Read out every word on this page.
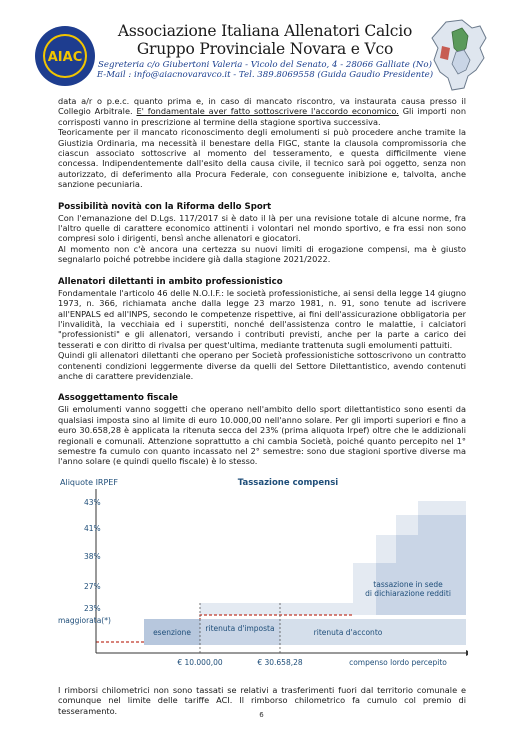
AIAC
Associazione Italiana Allenatori Calcio
Gruppo Provinciale Novara e Vco
Segreteria c/o Giubertoni Valeria - Vicolo del Senato, 4 - 28066 Galliate (No)
E-Mail : info@aiacnovaravco.it - Tel. 389.8069558 (Guida Gaudio Presidente)

data a/r o p.e.c. quanto prima e, in caso di mancato riscontro, va instaurata causa presso il Collegio Arbitrale. E' fondamentale aver fatto sottoscrivere l'accordo economico. Gli importi non corrisposti vanno in prescrizione al termine della stagione sportiva successiva.

Teoricamente per il mancato riconoscimento degli emolumenti si può procedere anche tramite la Giustizia Ordinaria, ma necessità il benestare della FIGC, stante la clausola compromissoria che ciascun associato sottoscrive al momento del tesseramento, e questa difficilmente viene concessa. Indipendentemente dall'esito della causa civile, il tecnico sarà poi oggetto, senza non autorizzato, di deferimento alla Procura Federale, con conseguente inibizione e, talvolta, anche sanzione pecuniaria.

Possibilità novità con la Riforma dello Sport

Con l'emanazione del D.Lgs. 117/2017 si è dato il là per una revisione totale di alcune norme, fra l'altro quelle di carattere economico attinenti i volontari nel mondo sportivo, e fra essi non sono compresi solo i dirigenti, bensì anche allenatori e giocatori.

Al momento non c'è ancora una certezza su nuovi limiti di erogazione compensi, ma è giusto segnalarlo poiché potrebbe incidere già dalla stagione 2021/2022.

Allenatori dilettanti in ambito professionistico

Fondamentale l'articolo 46 delle N.O.I.F.: le società professionistiche, ai sensi della legge 14 giugno 1973, n. 366, richiamata anche dalla legge 23 marzo 1981, n. 91, sono tenute ad iscrivere all'ENPALS ed all'INPS, secondo le competenze rispettive, ai fini dell'assicurazione obbligatoria per l'invalidità, la vecchiaia ed i superstiti, nonché dell'assistenza contro le malattie, i calciatori "professionisti" e gli allenatori, versando i contributi previsti, anche per la parte a carico dei tesserati e con diritto di rivalsa per quest'ultima, mediante trattenuta sugli emolumenti pattuiti.

Quindi gli allenatori dilettanti che operano per Società professionistiche sottoscrivono un contratto contenenti condizioni leggermente diverse da quelli del Settore Dilettantistico, avendo contenuti anche di carattere previdenziale.

Assoggettamento fiscale

Gli emolumenti vanno soggetti che operano nell'ambito dello sport dilettantistico sono esenti da qualsiasi imposta sino al limite di euro 10.000,00 nell'anno solare. Per gli importi superiori e fino a euro 30.658,28 è applicata la ritenuta secca del 23% (prima aliquota Irpef) oltre che le addizionali regionali e comunali. Attenzione soprattutto a chi cambia Società, poiché quanto percepito nel 1° semestre fa cumulo con quanto incassato nel 2° semestre: sono due stagioni sportive diverse ma l'anno solare (e quindi quello fiscale) è lo stesso.

Tassazione compensi
Aliquote IRPEF
43%
41%
38%
27%
23%
maggiorata(*)
tassazione in sede di dichiarazione redditi
esenzione ritenuta d'imposta	ritenuta d'acconto
€ 10.000,00	€ 30.658,28	compenso lordo percepito

I rimborsi chilometrici non sono tassati se relativi a trasferimenti fuori dal territorio comunale e comunque nel limite delle tariffe ACI. Il rimborso chilometrico fa cumulo col premio di tesseramento.	6
